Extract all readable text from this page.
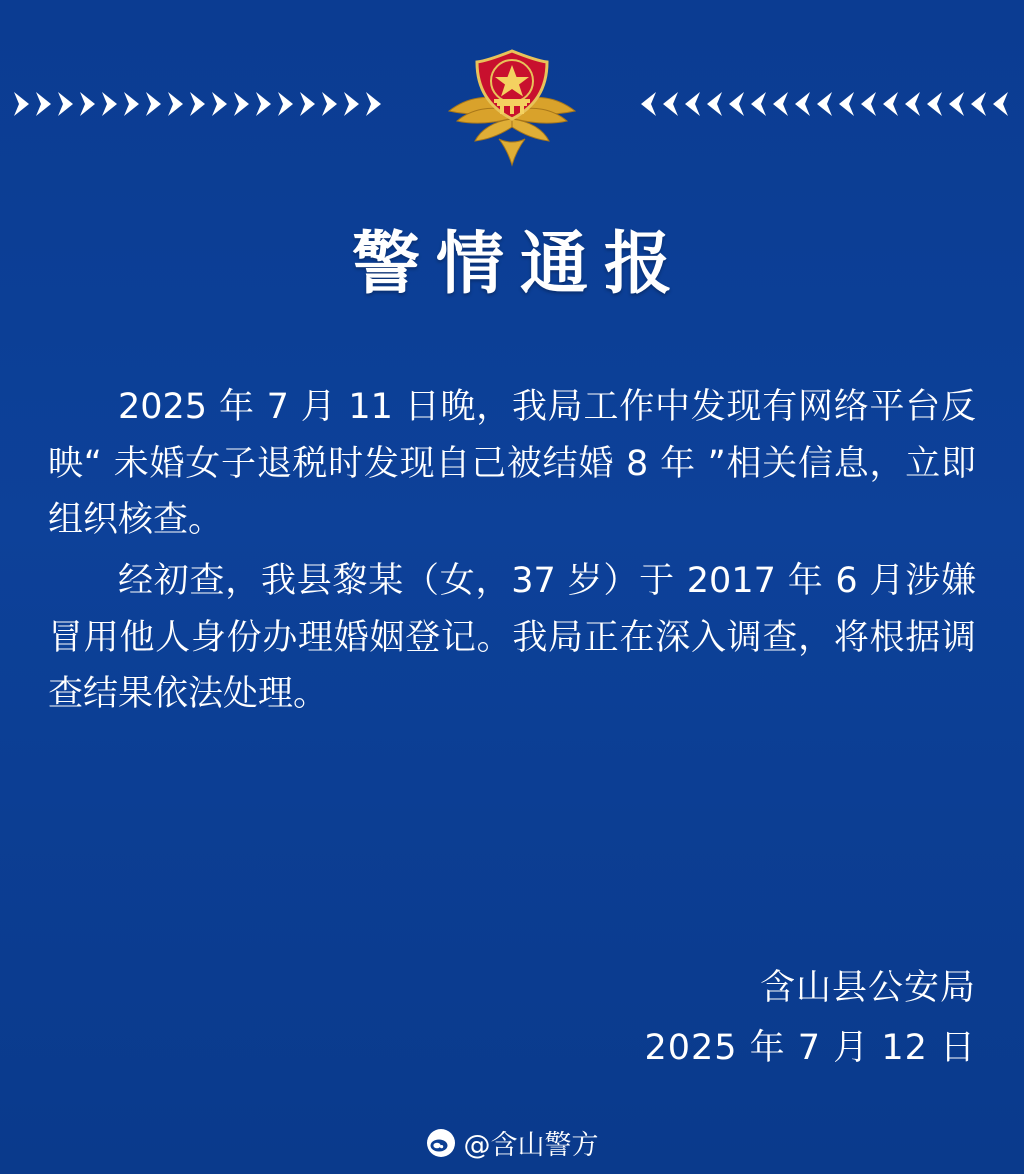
警情通报

2025 年 7 月 11 日晚，我局工作中发现有网络平台反映“ 未婚女子退税时发现自己被结婚 8 年 ”相关信息，立即组织核查。

经初查，我县黎某（女，37 岁）于 2017 年 6 月涉嫌冒用他人身份办理婚姻登记。我局正在深入调查，将根据调查结果依法处理。

含山县公安局
2025 年 7 月 12 日
@含山警方
